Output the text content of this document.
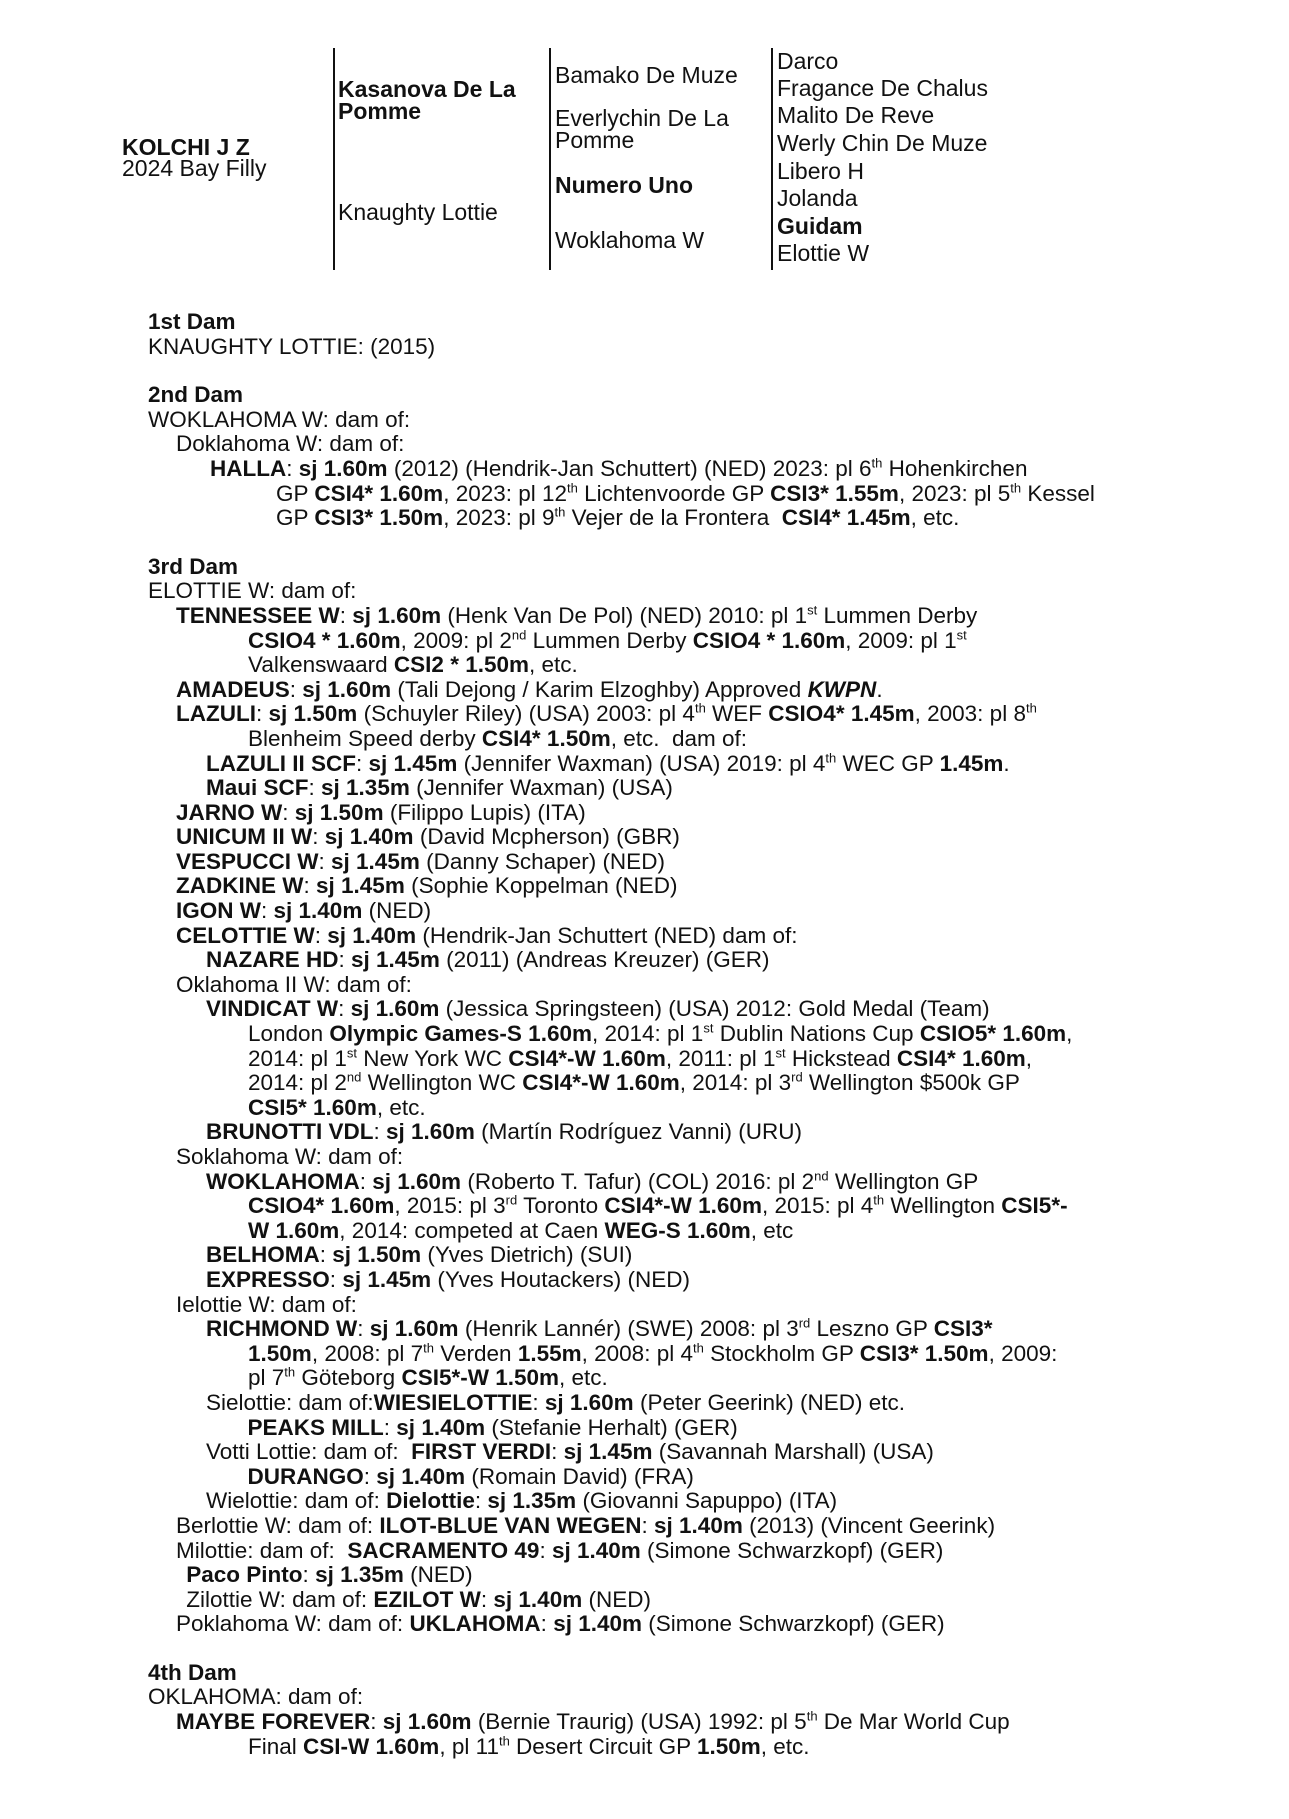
KOLCHI J Z
2024 Bay Filly
Kasanova De La Pomme
Knaughty Lottie
Bamako De Muze
Everlychin De La Pomme
Numero Uno
Woklahoma W
Darco
Fragance De Chalus
Malito De Reve
Werly Chin De Muze
Libero H
Jolanda
Guidam
Elottie W
1st Dam
KNAUGHTY LOTTIE: (2015)
2nd Dam
WOKLAHOMA W: dam of:
Doklahoma W: dam of:
HALLA: sj 1.60m (2012) (Hendrik-Jan Schuttert) (NED) 2023: pl 6th Hohenkirchen
GP CSI4* 1.60m, 2023: pl 12th Lichtenvoorde GP CSI3* 1.55m, 2023: pl 5th Kessel
GP CSI3* 1.50m, 2023: pl 9th Vejer de la Frontera  CSI4* 1.45m, etc.
3rd Dam
ELOTTIE W: dam of:
TENNESSEE W: sj 1.60m (Henk Van De Pol) (NED) 2010: pl 1st Lummen Derby
CSIO4 * 1.60m, 2009: pl 2nd Lummen Derby CSIO4 * 1.60m, 2009: pl 1st
Valkenswaard CSI2 * 1.50m, etc.
AMADEUS: sj 1.60m (Tali Dejong / Karim Elzoghby) Approved KWPN.
LAZULI: sj 1.50m (Schuyler Riley) (USA) 2003: pl 4th WEF CSIO4* 1.45m, 2003: pl 8th
Blenheim Speed derby CSI4* 1.50m, etc.  dam of:
LAZULI II SCF: sj 1.45m (Jennifer Waxman) (USA) 2019: pl 4th WEC GP 1.45m.
Maui SCF: sj 1.35m (Jennifer Waxman) (USA)
JARNO W: sj 1.50m (Filippo Lupis) (ITA)
UNICUM II W: sj 1.40m (David Mcpherson) (GBR)
VESPUCCI W: sj 1.45m (Danny Schaper) (NED)
ZADKINE W: sj 1.45m (Sophie Koppelman (NED)
IGON W: sj 1.40m (NED)
CELOTTIE W: sj 1.40m (Hendrik-Jan Schuttert (NED) dam of:
NAZARE HD: sj 1.45m (2011) (Andreas Kreuzer) (GER)
Oklahoma II W: dam of:
VINDICAT W: sj 1.60m (Jessica Springsteen) (USA) 2012: Gold Medal (Team)
London Olympic Games-S 1.60m, 2014: pl 1st Dublin Nations Cup CSIO5* 1.60m,
2014: pl 1st New York WC CSI4*-W 1.60m, 2011: pl 1st Hickstead CSI4* 1.60m,
2014: pl 2nd Wellington WC CSI4*-W 1.60m, 2014: pl 3rd Wellington $500k GP
CSI5* 1.60m, etc.
BRUNOTTI VDL: sj 1.60m (Martín Rodríguez Vanni) (URU)
Soklahoma W: dam of:
WOKLAHOMA: sj 1.60m (Roberto T. Tafur) (COL) 2016: pl 2nd Wellington GP
CSIO4* 1.60m, 2015: pl 3rd Toronto CSI4*-W 1.60m, 2015: pl 4th Wellington CSI5*-
W 1.60m, 2014: competed at Caen WEG-S 1.60m, etc
BELHOMA: sj 1.50m (Yves Dietrich) (SUI)
EXPRESSO: sj 1.45m (Yves Houtackers) (NED)
Ielottie W: dam of:
RICHMOND W: sj 1.60m (Henrik Lannér) (SWE) 2008: pl 3rd Leszno GP CSI3*
1.50m, 2008: pl 7th Verden 1.55m, 2008: pl 4th Stockholm GP CSI3* 1.50m, 2009:
pl 7th Göteborg CSI5*-W 1.50m, etc.
Sielottie: dam of:WIESIELOTTIE: sj 1.60m (Peter Geerink) (NED) etc.
PEAKS MILL: sj 1.40m (Stefanie Herhalt) (GER)
Votti Lottie: dam of:  FIRST VERDI: sj 1.45m (Savannah Marshall) (USA)
DURANGO: sj 1.40m (Romain David) (FRA)
Wielottie: dam of: Dielottie: sj 1.35m (Giovanni Sapuppo) (ITA)
Berlottie W: dam of: ILOT-BLUE VAN WEGEN: sj 1.40m (2013) (Vincent Geerink)
Milottie: dam of:  SACRAMENTO 49: sj 1.40m (Simone Schwarzkopf) (GER)
Paco Pinto: sj 1.35m (NED)
Zilottie W: dam of: EZILOT W: sj 1.40m (NED)
Poklahoma W: dam of: UKLAHOMA: sj 1.40m (Simone Schwarzkopf) (GER)
4th Dam
OKLAHOMA: dam of:
MAYBE FOREVER: sj 1.60m (Bernie Traurig) (USA) 1992: pl 5th De Mar World Cup
Final CSI-W 1.60m, pl 11th Desert Circuit GP 1.50m, etc.
